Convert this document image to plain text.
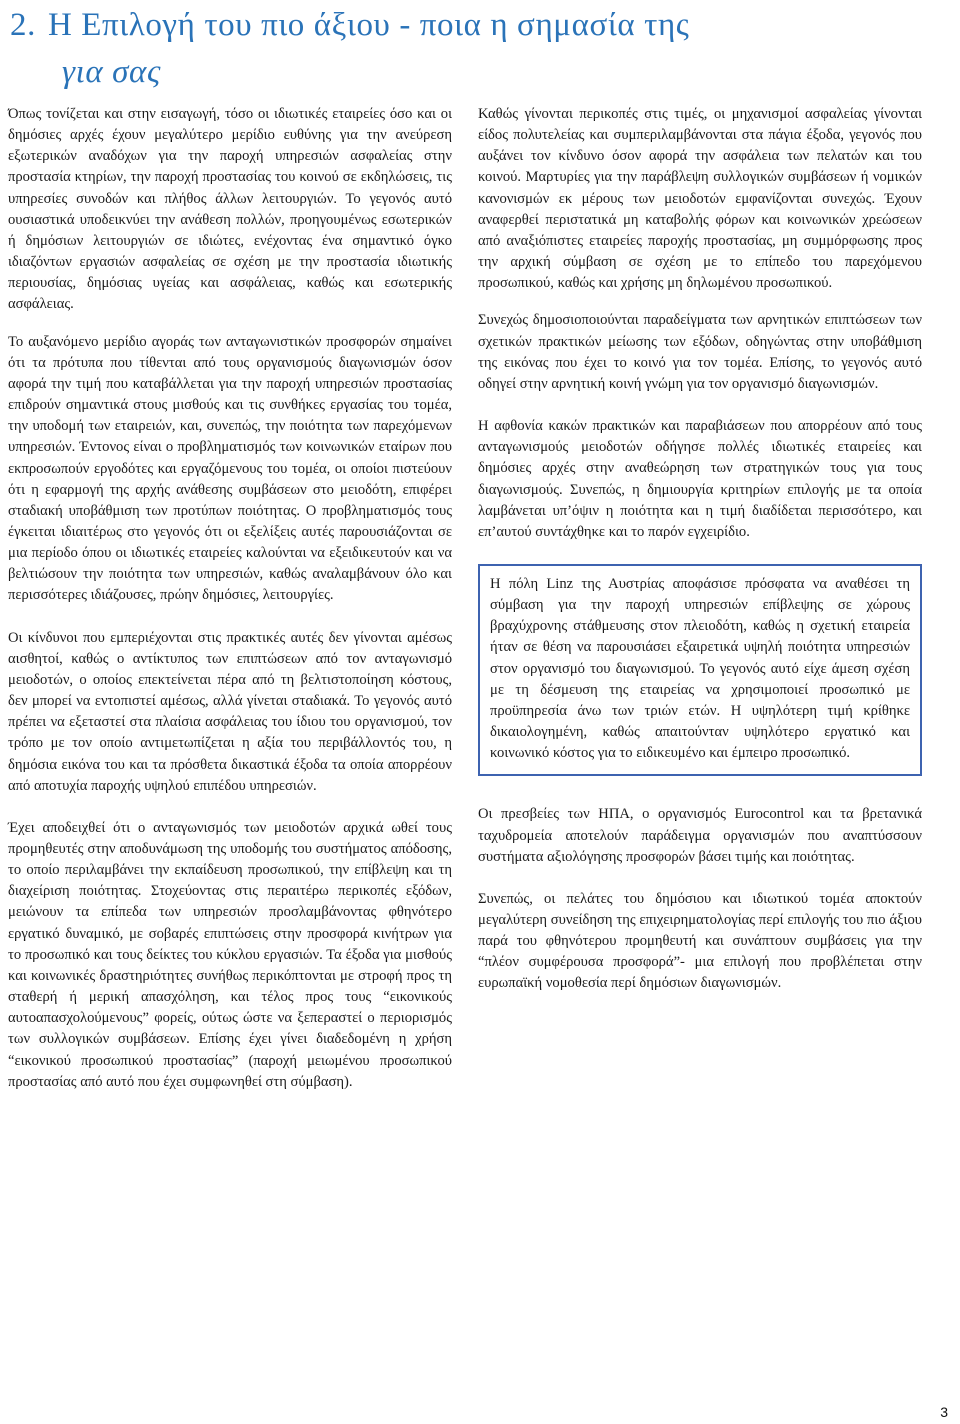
2. Η Επιλογή του πιο άξιου - ποια η σημασία της
για σας

Όπως τονίζεται και στην εισαγωγή, τόσο οι ιδιωτικές εταιρείες όσο και οι δημόσιες αρχές έχουν μεγαλύτερο μερίδιο ευθύνης για την ανεύρεση εξωτερικών αναδόχων για την παροχή υπηρεσιών ασφαλείας στην προστασία κτηρίων, την παροχή προστασίας του κοινού σε εκδηλώσεις, τις υπηρεσίες συνοδών και πλήθος άλλων λειτουργιών. Το γεγονός αυτό ουσιαστικά υποδεικνύει την ανάθεση πολλών, προηγουμένως εσωτερικών ή δημόσιων λειτουργιών σε ιδιώτες, ενέχοντας ένα σημαντικό όγκο ιδιαζόντων εργασιών ασφαλείας σε σχέση με την προστασία ιδιωτικής περιουσίας, δημόσιας υγείας και ασφάλειας, καθώς και εσωτερικής ασφάλειας.

Το αυξανόμενο μερίδιο αγοράς των ανταγωνιστικών προσφορών σημαίνει ότι τα πρότυπα που τίθενται από τους οργανισμούς διαγωνισμών όσον αφορά την τιμή που καταβάλλεται για την παροχή υπηρεσιών προστασίας επιδρούν σημαντικά στους μισθούς και τις συνθήκες εργασίας του τομέα, την υποδομή των εταιρειών, και, συνεπώς, την ποιότητα των παρεχόμενων υπηρεσιών. Έντονος είναι ο προβληματισμός των κοινωνικών εταίρων που εκπροσωπούν εργοδότες και εργαζόμενους του τομέα, οι οποίοι πιστεύουν ότι η εφαρμογή της αρχής ανάθεσης συμβάσεων στο μειοδότη, επιφέρει σταδιακή υποβάθμιση των προτύπων ποιότητας. Ο προβληματισμός τους έγκειται ιδιαιτέρως στο γεγονός ότι οι εξελίξεις αυτές παρουσιάζονται σε μια περίοδο όπου οι ιδιωτικές εταιρείες καλούνται να εξειδικευτούν και να βελτιώσουν την ποιότητα των υπηρεσιών, καθώς αναλαμβάνουν όλο και περισσότερες ιδιάζουσες, πρώην δημόσιες, λειτουργίες.

Οι κίνδυνοι που εμπεριέχονται στις πρακτικές αυτές δεν γίνονται αμέσως αισθητοί, καθώς ο αντίκτυπος των επιπτώσεων από τον ανταγωνισμό μειοδοτών, ο οποίος επεκτείνεται πέρα από τη βελτιστοποίηση κόστους, δεν μπορεί να εντοπιστεί αμέσως, αλλά γίνεται σταδιακά. Το γεγονός αυτό πρέπει να εξεταστεί στα πλαίσια ασφάλειας του ίδιου του οργανισμού, τον τρόπο με τον οποίο αντιμετωπίζεται η αξία του περιβάλλοντός του, η δημόσια εικόνα του και τα πρόσθετα δικαστικά έξοδα τα οποία απορρέουν από αποτυχία παροχής υψηλού επιπέδου υπηρεσιών.

Έχει αποδειχθεί ότι ο ανταγωνισμός των μειοδοτών αρχικά ωθεί τους προμηθευτές στην αποδυνάμωση της υποδομής του συστήματος απόδοσης, το οποίο περιλαμβάνει την εκπαίδευση προσωπικού, την επίβλεψη και τη διαχείριση ποιότητας. Στοχεύοντας στις περαιτέρω περικοπές εξόδων, μειώνουν τα επίπεδα των υπηρεσιών προσλαμβάνοντας φθηνότερο εργατικό δυναμικό, με σοβαρές επιπτώσεις στην προσφορά κινήτρων για το προσωπικό και τους δείκτες του κύκλου εργασιών. Τα έξοδα για μισθούς και κοινωνικές δραστηριότητες συνήθως περικόπτονται με στροφή προς τη σταθερή ή μερική απασχόληση, και τέλος προς τους “εικονικούς αυτοαπασχολούμενους” φορείς, ούτως ώστε να ξεπεραστεί ο περιορισμός των συλλογικών συμβάσεων. Επίσης έχει γίνει διαδεδομένη η χρήση “εικονικού προσωπικού προστασίας” (παροχή μειωμένου προσωπικού προστασίας από αυτό που έχει συμφωνηθεί στη σύμβαση).

Καθώς γίνονται περικοπές στις τιμές, οι μηχανισμοί ασφαλείας γίνονται είδος πολυτελείας και συμπεριλαμβάνονται στα πάγια έξοδα, γεγονός που αυξάνει τον κίνδυνο όσον αφορά την ασφάλεια των πελατών και του κοινού. Μαρτυρίες για την παράβλεψη συλλογικών συμβάσεων ή νομικών κανονισμών εκ μέρους των μειοδοτών εμφανίζονται συνεχώς. Έχουν αναφερθεί περιστατικά μη καταβολής φόρων και κοινωνικών χρεώσεων από αναξιόπιστες εταιρείες παροχής προστασίας, μη συμμόρφωσης προς την αρχική σύμβαση σε σχέση με το επίπεδο του παρεχόμενου προσωπικού, καθώς και χρήσης μη δηλωμένου προσωπικού.

Συνεχώς δημοσιοποιούνται παραδείγματα των αρνητικών επιπτώσεων των σχετικών πρακτικών μείωσης των εξόδων, οδηγώντας στην υποβάθμιση της εικόνας που έχει το κοινό για τον τομέα. Επίσης, το γεγονός αυτό οδηγεί στην αρνητική κοινή γνώμη για τον οργανισμό διαγωνισμών.

Η αφθονία κακών πρακτικών και παραβιάσεων που απορρέουν από τους ανταγωνισμούς μειοδοτών οδήγησε πολλές ιδιωτικές εταιρείες και δημόσιες αρχές στην αναθεώρηση των στρατηγικών τους για τους διαγωνισμούς. Συνεπώς, η δημιουργία κριτηρίων επιλογής με τα οποία λαμβάνεται υπ’όψιν η ποιότητα και η τιμή διαδίδεται περισσότερο, και επ’αυτού συντάχθηκε και το παρόν εγχειρίδιο.

Η πόλη Linz της Αυστρίας αποφάσισε πρόσφατα να αναθέσει τη σύμβαση για την παροχή υπηρεσιών επίβλεψης σε χώρους βραχύχρονης στάθμευσης στον πλειοδότη, καθώς η σχετική εταιρεία ήταν σε θέση να παρουσιάσει εξαιρετικά υψηλή ποιότητα υπηρεσιών στον οργανισμό του διαγωνισμού. Το γεγονός αυτό είχε άμεση σχέση με τη δέσμευση της εταιρείας να χρησιμοποιεί προσωπικό με προϋπηρεσία άνω των τριών ετών. Η υψηλότερη τιμή κρίθηκε δικαιολογημένη, καθώς απαιτούνταν υψηλότερο εργατικό και κοινωνικό κόστος για το ειδικευμένο και έμπειρο προσωπικό.

Οι πρεσβείες των ΗΠΑ, ο οργανισμός Eurocontrol και τα βρετανικά ταχυδρομεία αποτελούν παράδειγμα οργανισμών που αναπτύσσουν συστήματα αξιολόγησης προσφορών βάσει τιμής και ποιότητας.

Συνεπώς, οι πελάτες του δημόσιου και ιδιωτικού τομέα αποκτούν μεγαλύτερη συνείδηση της επιχειρηματολογίας περί επιλογής του πιο άξιου παρά του φθηνότερου προμηθευτή και συνάπτουν συμβάσεις για την “πλέον συμφέρουσα προσφορά”- μια επιλογή που προβλέπεται στην ευρωπαϊκή νομοθεσία περί δημόσιων διαγωνισμών.

3
